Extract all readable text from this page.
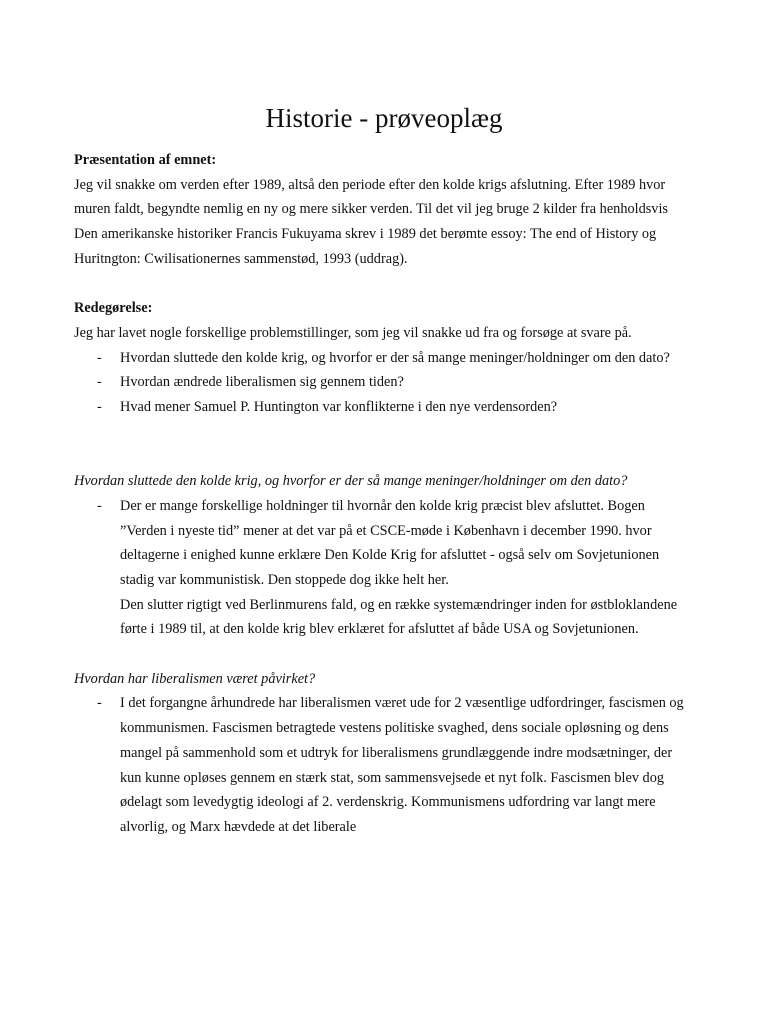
Historie - prøveoplæg

Præsentation af emnet:

Jeg vil snakke om verden efter 1989, altså den periode efter den kolde krigs afslutning. Efter 1989 hvor muren faldt, begyndte nemlig en ny og mere sikker verden. Til det vil jeg bruge 2 kilder fra henholdsvis Den amerikanske historiker Francis Fukuyama skrev i 1989 det berømte essoy: The end of History og Huritngton: Cwilisationernes sammenstød, 1993 (uddrag).

Redegørelse:

Jeg har lavet nogle forskellige problemstillinger, som jeg vil snakke ud fra og forsøge at svare på.

- Hvordan sluttede den kolde krig, og hvorfor er der så mange meninger/holdninger om den dato?
- Hvordan ændrede liberalismen sig gennem tiden?
- Hvad mener Samuel P. Huntington var konflikterne i den nye verdensorden?

Hvordan sluttede den kolde krig, og hvorfor er der så mange meninger/holdninger om den dato?

- Der er mange forskellige holdninger til hvornår den kolde krig præcist blev afsluttet. Bogen ”Verden i nyeste tid” mener at det var på et CSCE-møde i København i december 1990. hvor deltagerne i enighed kunne erklære Den Kolde Krig for afsluttet - også selv om Sovjetunionen stadig var kommunistisk. Den stoppede dog ikke helt her.
Den slutter rigtigt ved Berlinmurens fald, og en række systemændringer inden for østbloklandene førte i 1989 til, at den kolde krig blev erklæret for afsluttet af både USA og Sovjetunionen.

Hvordan har liberalismen været påvirket?

- I det forgangne århundrede har liberalismen været ude for 2 væsentlige udfordringer, fascismen og kommunismen. Fascismen betragtede vestens politiske svaghed, dens sociale opløsning og dens mangel på sammenhold som et udtryk for liberalismens grundlæggende indre modsætninger, der kun kunne opløses gennem en stærk stat, som sammensvejsede et nyt folk. Fascismen blev dog ødelagt som levedygtig ideologi af 2. verdenskrig. Kommunismens udfordring var langt mere alvorlig, og Marx hævdede at det liberale
